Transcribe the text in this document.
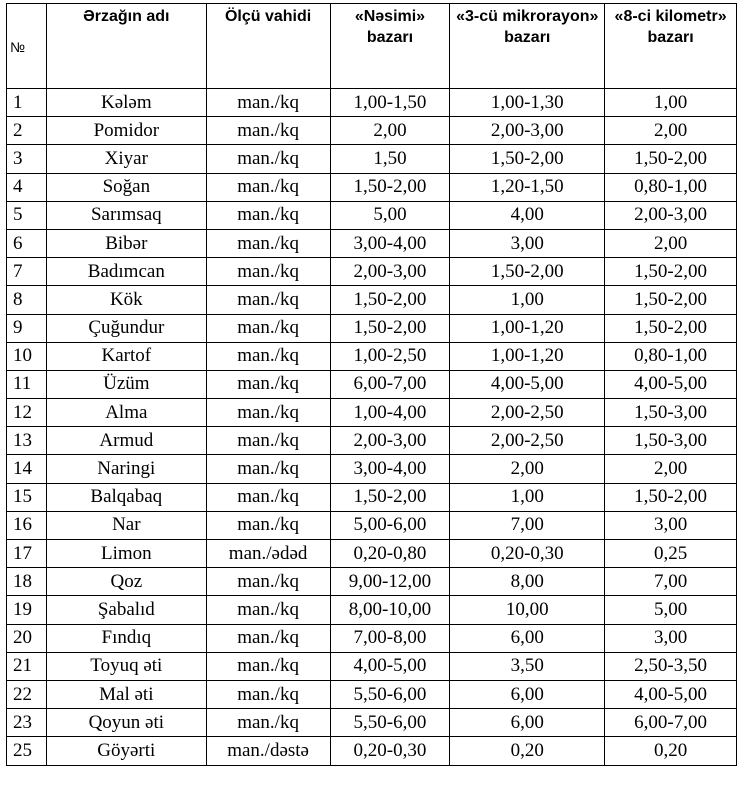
№	Ərzağın adı	Ölçü vahidi	«Nəsimi» bazarı	«3-cü mikrorayon» bazarı	«8-ci kilometr» bazarı
1	Kələm	man./kq	1,00-1,50	1,00-1,30	1,00
2	Pomidor	man./kq	2,00	2,00-3,00	2,00
3	Xiyar	man./kq	1,50	1,50-2,00	1,50-2,00
4	Soğan	man./kq	1,50-2,00	1,20-1,50	0,80-1,00
5	Sarımsaq	man./kq	5,00	4,00	2,00-3,00
6	Bibər	man./kq	3,00-4,00	3,00	2,00
7	Badımcan	man./kq	2,00-3,00	1,50-2,00	1,50-2,00
8	Kök	man./kq	1,50-2,00	1,00	1,50-2,00
9	Çuğundur	man./kq	1,50-2,00	1,00-1,20	1,50-2,00
10	Kartof	man./kq	1,00-2,50	1,00-1,20	0,80-1,00
11	Üzüm	man./kq	6,00-7,00	4,00-5,00	4,00-5,00
12	Alma	man./kq	1,00-4,00	2,00-2,50	1,50-3,00
13	Armud	man./kq	2,00-3,00	2,00-2,50	1,50-3,00
14	Naringi	man./kq	3,00-4,00	2,00	2,00
15	Balqabaq	man./kq	1,50-2,00	1,00	1,50-2,00
16	Nar	man./kq	5,00-6,00	7,00	3,00
17	Limon	man./ədəd	0,20-0,80	0,20-0,30	0,25
18	Qoz	man./kq	9,00-12,00	8,00	7,00
19	Şabalıd	man./kq	8,00-10,00	10,00	5,00
20	Fındıq	man./kq	7,00-8,00	6,00	3,00
21	Toyuq əti	man./kq	4,00-5,00	3,50	2,50-3,50
22	Mal əti	man./kq	5,50-6,00	6,00	4,00-5,00
23	Qoyun əti	man./kq	5,50-6,00	6,00	6,00-7,00
25	Göyərti	man./dəstə	0,20-0,30	0,20	0,20
